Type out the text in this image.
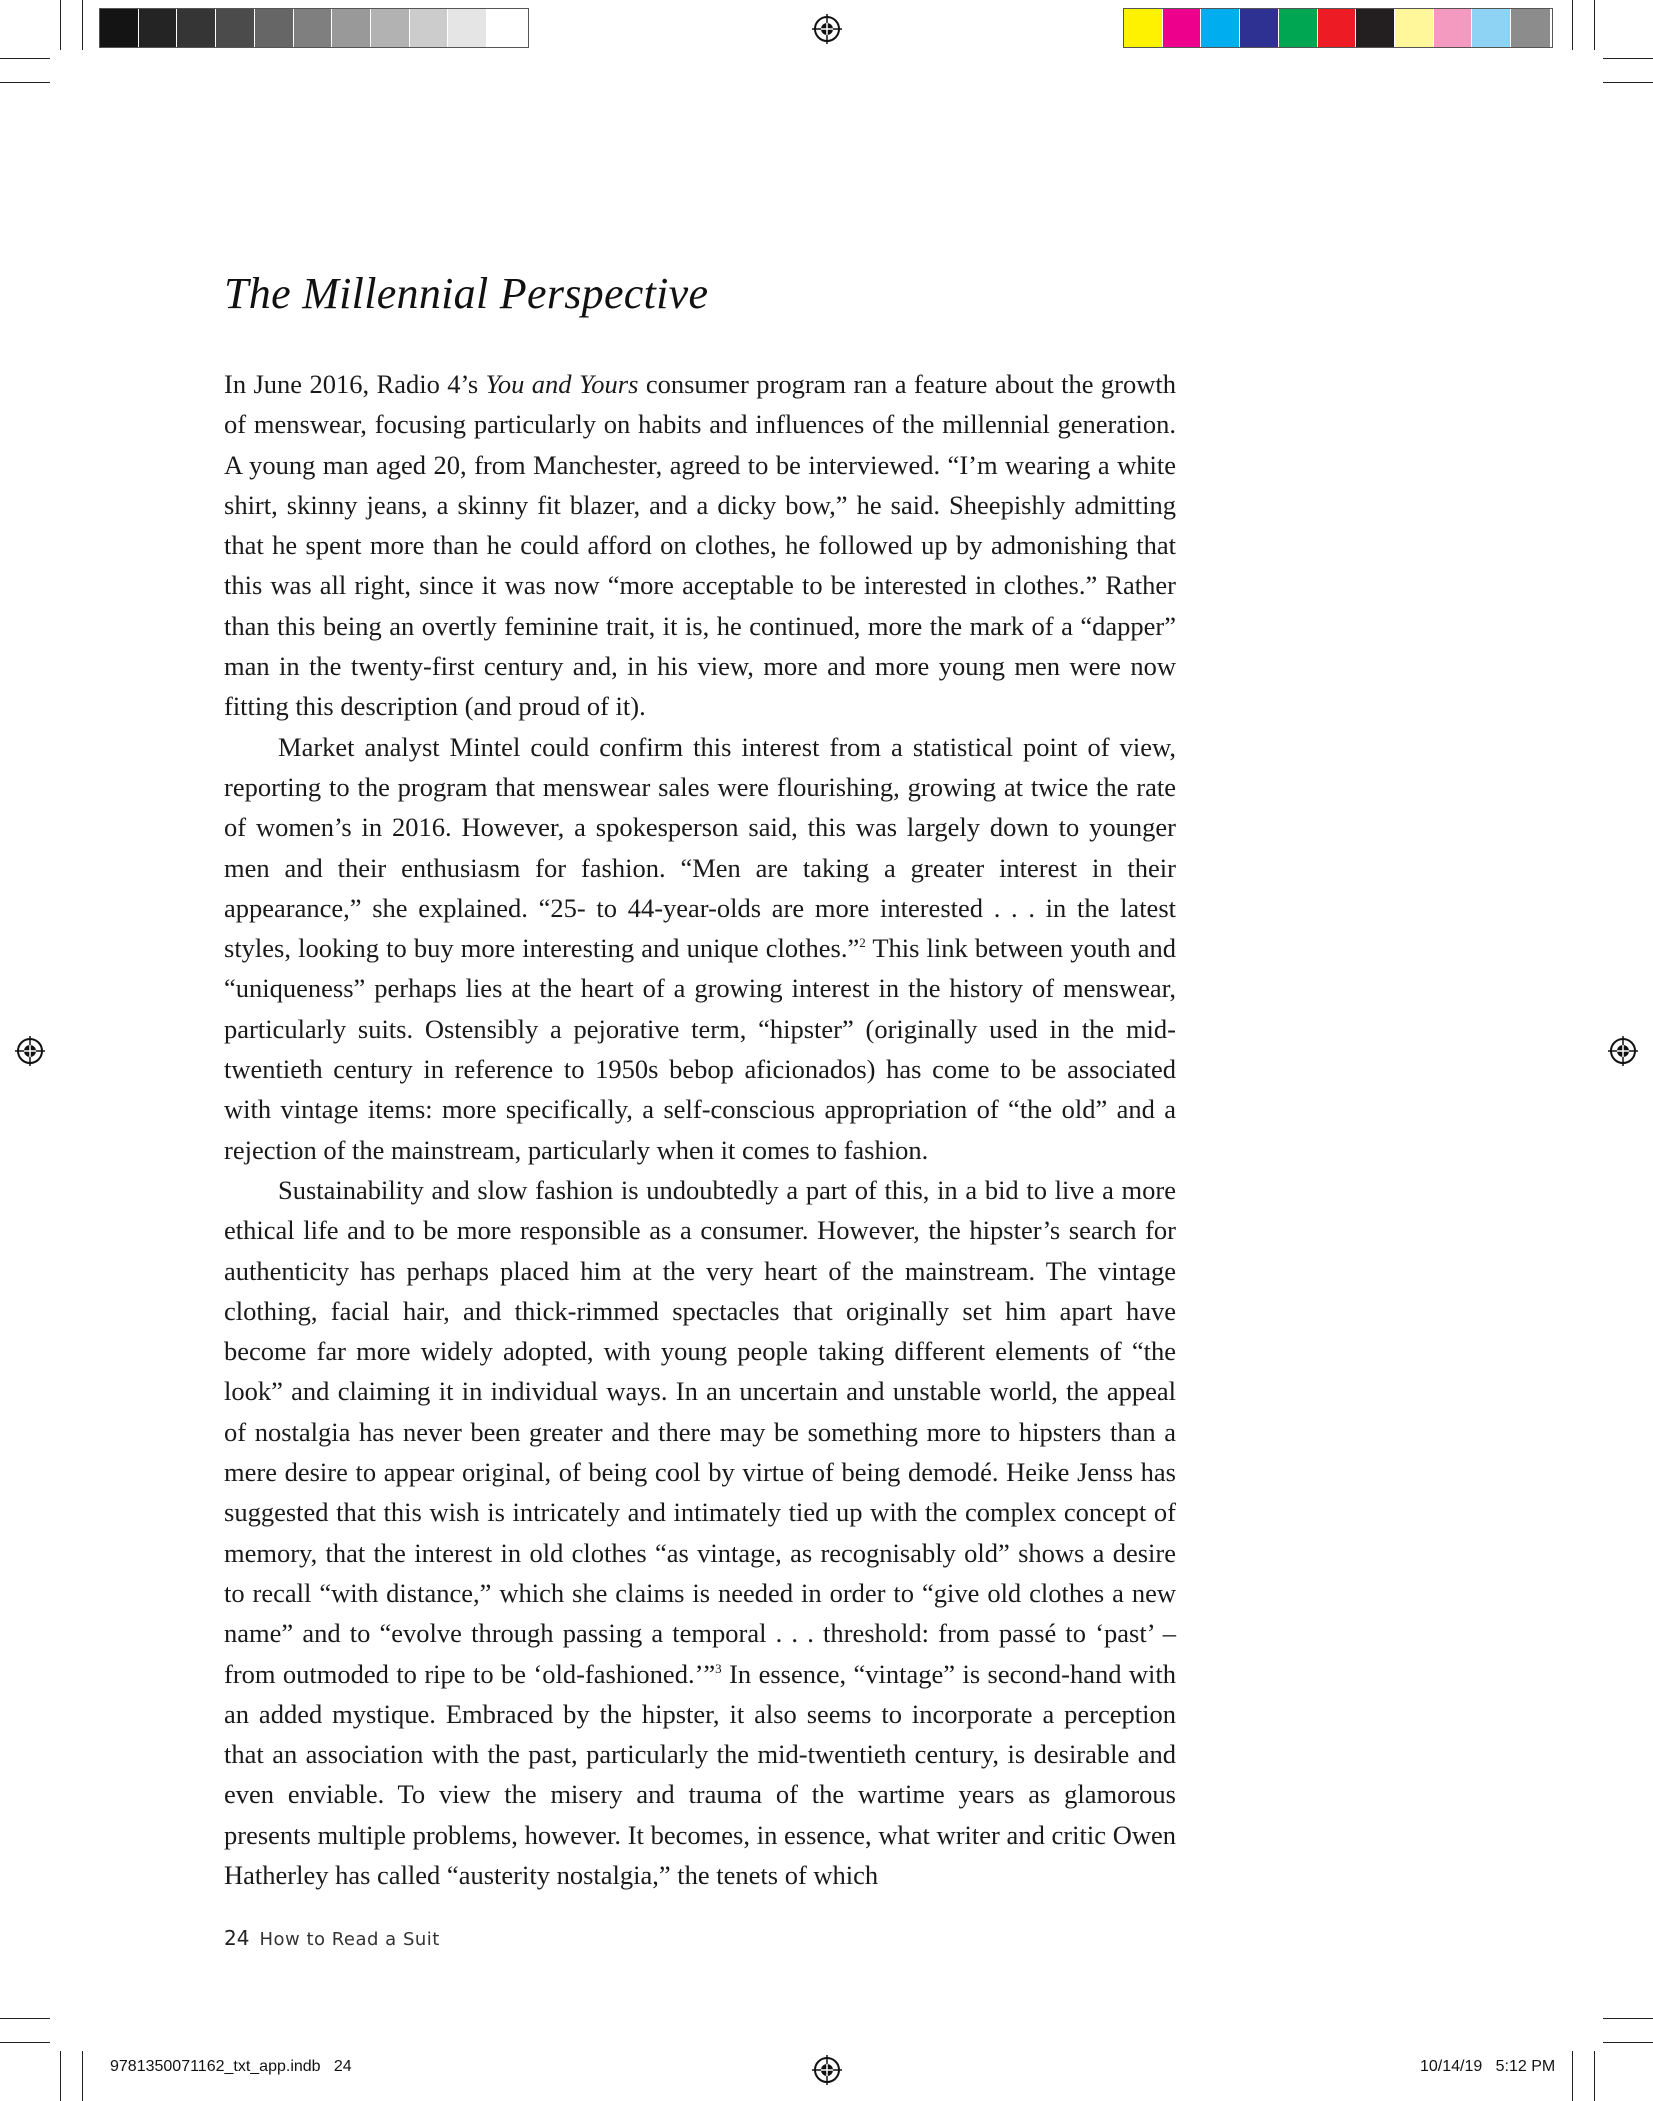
The Millennial Perspective

In June 2016, Radio 4’s You and Yours consumer program ran a feature about the growth of menswear, focusing particularly on habits and influences of the millennial generation. A young man aged 20, from Manchester, agreed to be interviewed. “I’m wearing a white shirt, skinny jeans, a skinny fit blazer, and a dicky bow,” he said. Sheepishly admitting that he spent more than he could afford on clothes, he followed up by admonishing that this was all right, since it was now “more acceptable to be interested in clothes.” Rather than this being an overtly feminine trait, it is, he continued, more the mark of a “dapper” man in the twenty-first century and, in his view, more and more young men were now fitting this description (and proud of it).

Market analyst Mintel could confirm this interest from a statistical point of view, reporting to the program that menswear sales were flourishing, growing at twice the rate of women’s in 2016. However, a spokesperson said, this was largely down to younger men and their enthusiasm for fashion. “Men are taking a greater interest in their appearance,” she explained. “25- to 44-year-olds are more interested . . . in the latest styles, looking to buy more interesting and unique clothes.”$^2$ This link between youth and “uniqueness” perhaps lies at the heart of a growing interest in the history of menswear, particularly suits. Ostensibly a pejorative term, “hipster” (originally used in the mid-twentieth century in reference to 1950s bebop aficionados) has come to be associated with vintage items: more specifically, a self-conscious appropriation of “the old” and a rejection of the mainstream, particularly when it comes to fashion.

Sustainability and slow fashion is undoubtedly a part of this, in a bid to live a more ethical life and to be more responsible as a consumer. However, the hipster’s search for authenticity has perhaps placed him at the very heart of the mainstream. The vintage clothing, facial hair, and thick-rimmed spectacles that originally set him apart have become far more widely adopted, with young people taking different elements of “the look” and claiming it in individual ways. In an uncertain and unstable world, the appeal of nostalgia has never been greater and there may be something more to hipsters than a mere desire to appear original, of being cool by virtue of being demodé. Heike Jenss has suggested that this wish is intricately and intimately tied up with the complex concept of memory, that the interest in old clothes “as vintage, as recognisably old” shows a desire to recall “with distance,” which she claims is needed in order to “give old clothes a new name” and to “evolve through passing a temporal . . . threshold: from passé to ‘past’ – from outmoded to ripe to be ‘old-fashioned.’”$^3$ In essence, “vintage” is second-hand with an added mystique. Embraced by the hipster, it also seems to incorporate a perception that an association with the past, particularly the mid-twentieth century, is desirable and even enviable. To view the misery and trauma of the wartime years as glamorous presents multiple problems, however. It becomes, in essence, what writer and critic Owen Hatherley has called “austerity nostalgia,” the tenets of which

24 How to Read a Suit
9781350071162_txt_app.indb   24	10/14/19   5:12 PM
